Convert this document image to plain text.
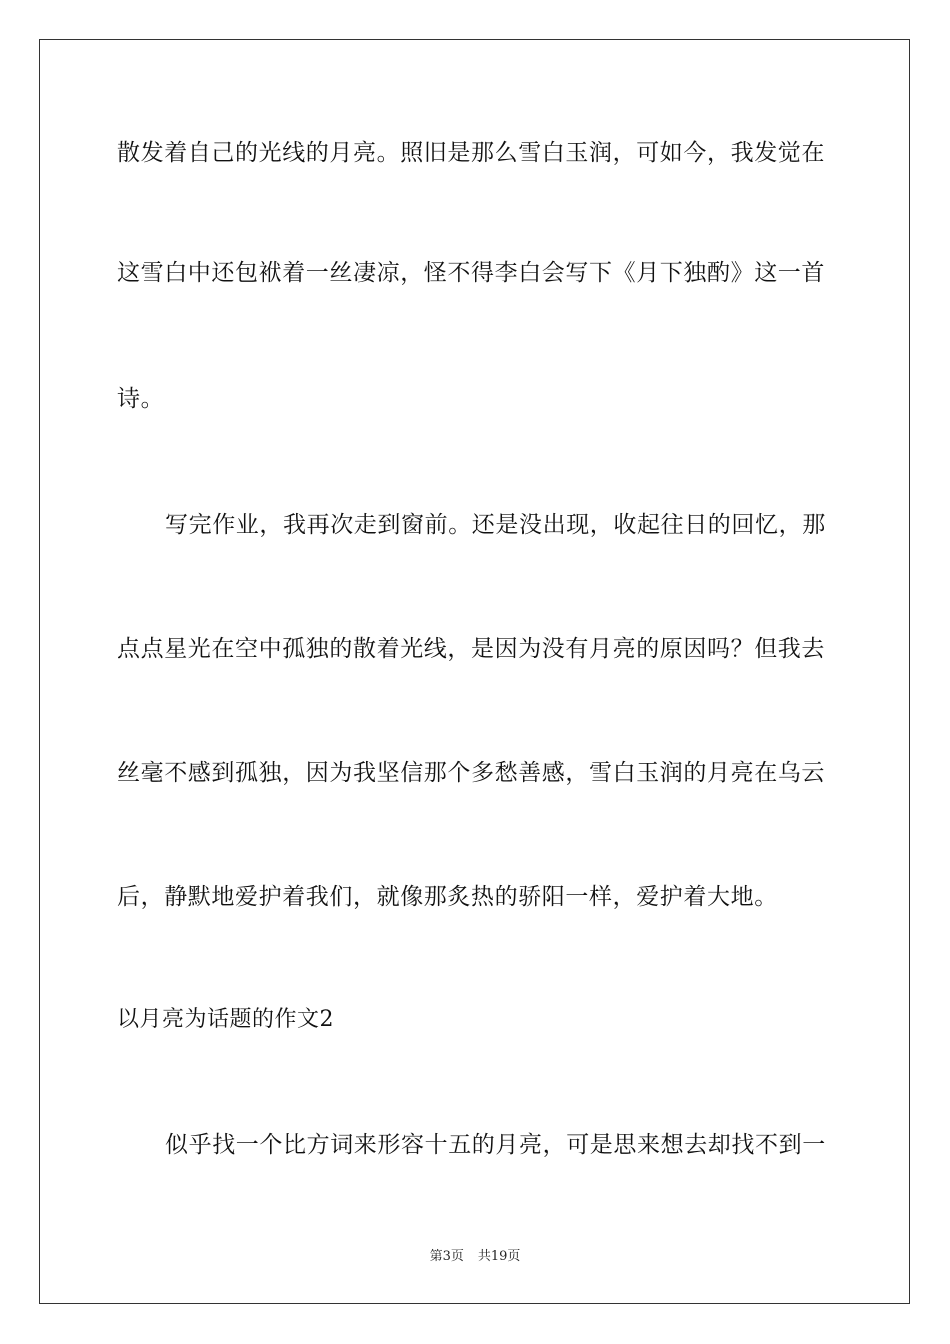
散发着自己的光线的月亮。照旧是那么雪白玉润，可如今，我发觉在
这雪白中还包袱着一丝凄凉，怪不得李白会写下《月下独酌》这一首
诗。
写完作业，我再次走到窗前。还是没出现，收起往日的回忆，那
点点星光在空中孤独的散着光线，是因为没有月亮的原因吗？但我去
丝毫不感到孤独，因为我坚信那个多愁善感，雪白玉润的月亮在乌云
后，静默地爱护着我们，就像那炙热的骄阳一样，爱护着大地。
以月亮为话题的作文2
似乎找一个比方词来形容十五的月亮，可是思来想去却找不到一
第3页 共19页
